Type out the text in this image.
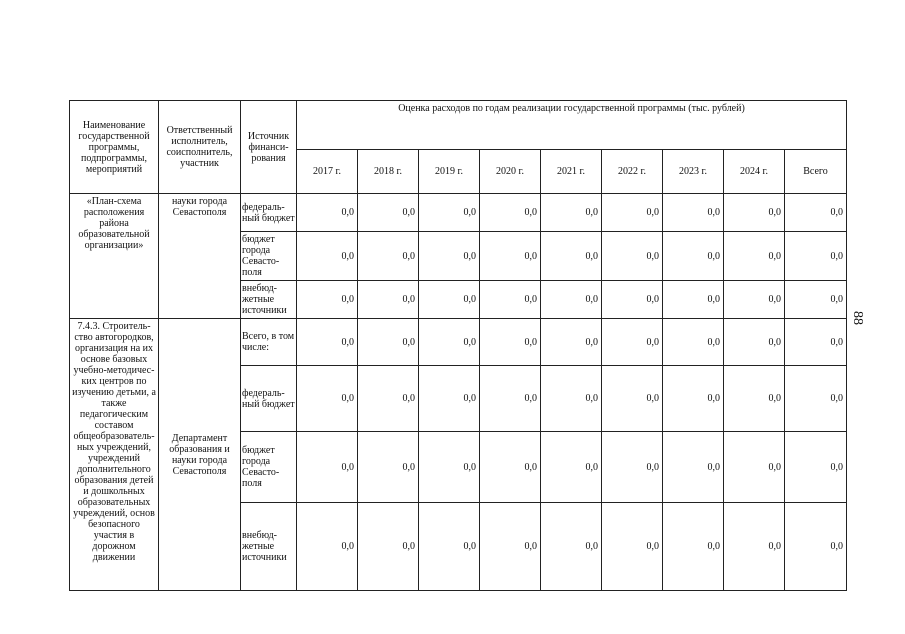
88
Наименование государственной программы, подпрограммы, мероприятий	Ответственный исполнитель, соисполнитель, участник	Источник финанси-рования	Оценка расходов по годам реализации государственной программы (тыс. рублей)								
			2017 г.	2018 г.	2019 г.	2020 г.	2021 г.	2022 г.	2023 г.	2024 г.	Всего
«План-схема расположения района образовательной организации»	науки города Севастополя	федераль-ный бюджет	0,0	0,0	0,0	0,0	0,0	0,0	0,0	0,0	0,0
		бюджет города Севасто-поля	0,0	0,0	0,0	0,0	0,0	0,0	0,0	0,0	0,0
		внебюд-жетные источники	0,0	0,0	0,0	0,0	0,0	0,0	0,0	0,0	0,0
7.4.3. Строитель-ство автогородков, организация на их основе базовых учебно-методичес-ких центров по изучению детьми, а также педагогическим составом общеобразователь-ных учреждений, учреждений дополнительного образования детей и дошкольных образовательных учреждений, основ безопасного участия в дорожном движении	Департамент образования и науки города Севастополя	Всего, в том числе:	0,0	0,0	0,0	0,0	0,0	0,0	0,0	0,0	0,0
		федераль-ный бюджет	0,0	0,0	0,0	0,0	0,0	0,0	0,0	0,0	0,0
		бюджет города Севасто-поля	0,0	0,0	0,0	0,0	0,0	0,0	0,0	0,0	0,0
		внебюд-жетные источники	0,0	0,0	0,0	0,0	0,0	0,0	0,0	0,0	0,0
